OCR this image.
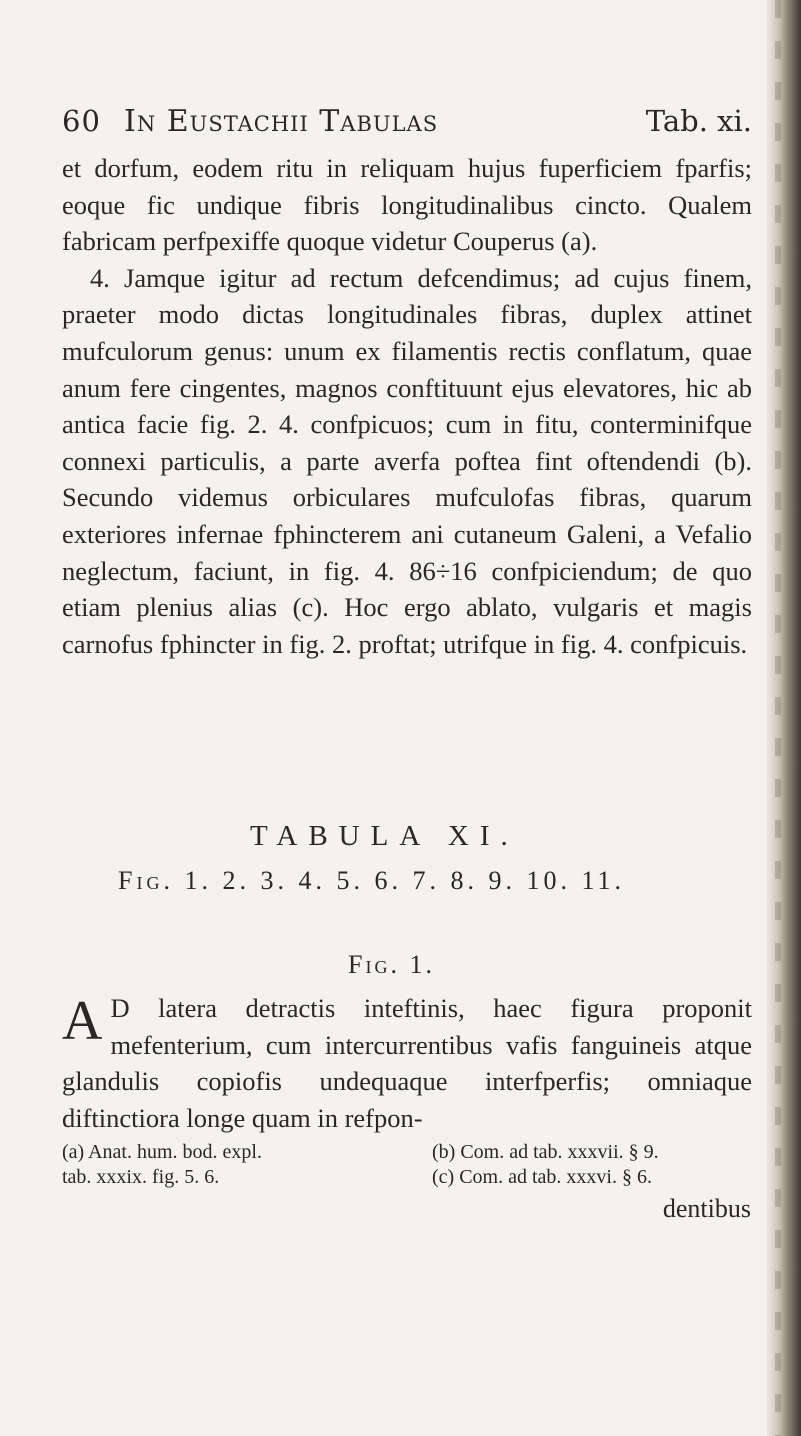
60 In Eustachii Tabulas	Tab. xi.

et dorfum, eodem ritu in reliquam hujus fuperficiem fparfis; eoque fic undique fibris longitudinalibus cincto. Qualem fabricam perfpexiffe quoque videtur Couperus (a).

4. Jamque igitur ad rectum defcendimus; ad cujus finem, praeter modo dictas longitudinales fibras, duplex attinet mufculorum genus: unum ex filamentis rectis conflatum, quae anum fere cingentes, magnos conftituunt ejus elevatores, hic ab antica facie fig. 2. 4. confpicuos; cum in fitu, conterminifque connexi particulis, a parte averfa poftea fint oftendendi (b). Secundo videmus orbiculares mufculofas fibras, quarum exteriores infernae fphincterem ani cutaneum Galeni, a Vefalio neglectum, faciunt, in fig. 4. 86÷16 confpiciendum; de quo etiam plenius alias (c). Hoc ergo ablato, vulgaris et magis carnofus fphincter in fig. 2. proftat; utrifque in fig. 4. confpicuis.

TABULA XI.
Fig. 1. 2. 3. 4. 5. 6. 7. 8. 9. 10. 11.
Fig. 1.
A D latera detractis inteftinis, haec figura proponit mefenterium, cum intercurrentibus vafis fanguineis atque glandulis copiofis undequaque interfperfis; omniaque diftinctiora longe quam in refpon-
(a) Anat. hum. bod. expl.
tab. xxxix. fig. 5. 6.
(b) Com. ad tab. xxxvii. § 9.
(c) Com. ad tab. xxxvi. § 6.
dentibus
